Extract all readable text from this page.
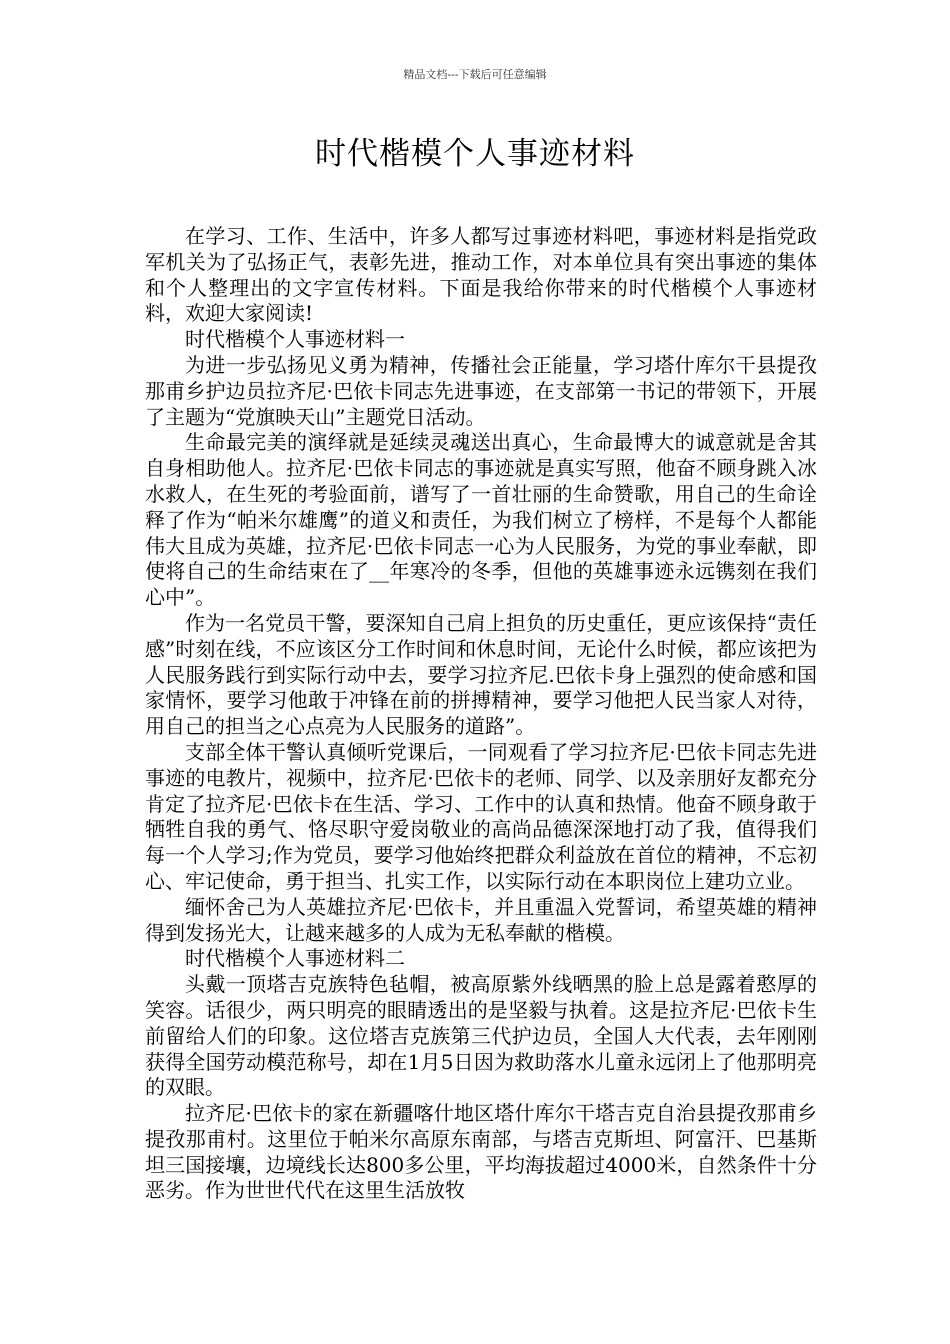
精品文档---下载后可任意编辑
时代楷模个人事迹材料

在学习、工作、生活中，许多人都写过事迹材料吧，事迹材料是指党政军机关为了弘扬正气，表彰先进，推动工作，对本单位具有突出事迹的集体和个人整理出的文字宣传材料。下面是我给你带来的时代楷模个人事迹材料，欢迎大家阅读!

时代楷模个人事迹材料一

为进一步弘扬见义勇为精神，传播社会正能量，学习塔什库尔干县提孜那甫乡护边员拉齐尼·巴依卡同志先进事迹，在支部第一书记的带领下，开展了主题为“党旗映天山”主题党日活动。

生命最完美的演绎就是延续灵魂送出真心，生命最博大的诚意就是舍其自身相助他人。拉齐尼·巴依卡同志的事迹就是真实写照，他奋不顾身跳入冰水救人，在生死的考验面前，谱写了一首壮丽的生命赞歌，用自己的生命诠释了作为“帕米尔雄鹰”的道义和责任，为我们树立了榜样，不是每个人都能伟大且成为英雄，拉齐尼·巴依卡同志一心为人民服务，为党的事业奉献，即使将自己的生命结束在了__年寒冷的冬季，但他的英雄事迹永远镌刻在我们心中”。

作为一名党员干警，要深知自己肩上担负的历史重任，更应该保持“责任感”时刻在线，不应该区分工作时间和休息时间，无论什么时候，都应该把为人民服务践行到实际行动中去，要学习拉齐尼.巴依卡身上强烈的使命感和国家情怀，要学习他敢于冲锋在前的拼搏精神，要学习他把人民当家人对待，用自己的担当之心点亮为人民服务的道路”。

支部全体干警认真倾听党课后，一同观看了学习拉齐尼·巴依卡同志先进事迹的电教片，视频中，拉齐尼·巴依卡的老师、同学、以及亲朋好友都充分肯定了拉齐尼·巴依卡在生活、学习、工作中的认真和热情。他奋不顾身敢于牺牲自我的勇气、恪尽职守爱岗敬业的高尚品德深深地打动了我，值得我们每一个人学习;作为党员，要学习他始终把群众利益放在首位的精神，不忘初心、牢记使命，勇于担当、扎实工作，以实际行动在本职岗位上建功立业。

缅怀舍己为人英雄拉齐尼·巴依卡，并且重温入党誓词，希望英雄的精神得到发扬光大，让越来越多的人成为无私奉献的楷模。

时代楷模个人事迹材料二

头戴一顶塔吉克族特色毡帽，被高原紫外线晒黑的脸上总是露着憨厚的笑容。话很少，两只明亮的眼睛透出的是坚毅与执着。这是拉齐尼·巴依卡生前留给人们的印象。这位塔吉克族第三代护边员，全国人大代表，去年刚刚获得全国劳动模范称号，却在1月5日因为救助落水儿童永远闭上了他那明亮的双眼。

拉齐尼·巴依卡的家在新疆喀什地区塔什库尔干塔吉克自治县提孜那甫乡提孜那甫村。这里位于帕米尔高原东南部，与塔吉克斯坦、阿富汗、巴基斯坦三国接壤，边境线长达800多公里，平均海拔超过4000米，自然条件十分恶劣。作为世世代代在这里生活放牧
